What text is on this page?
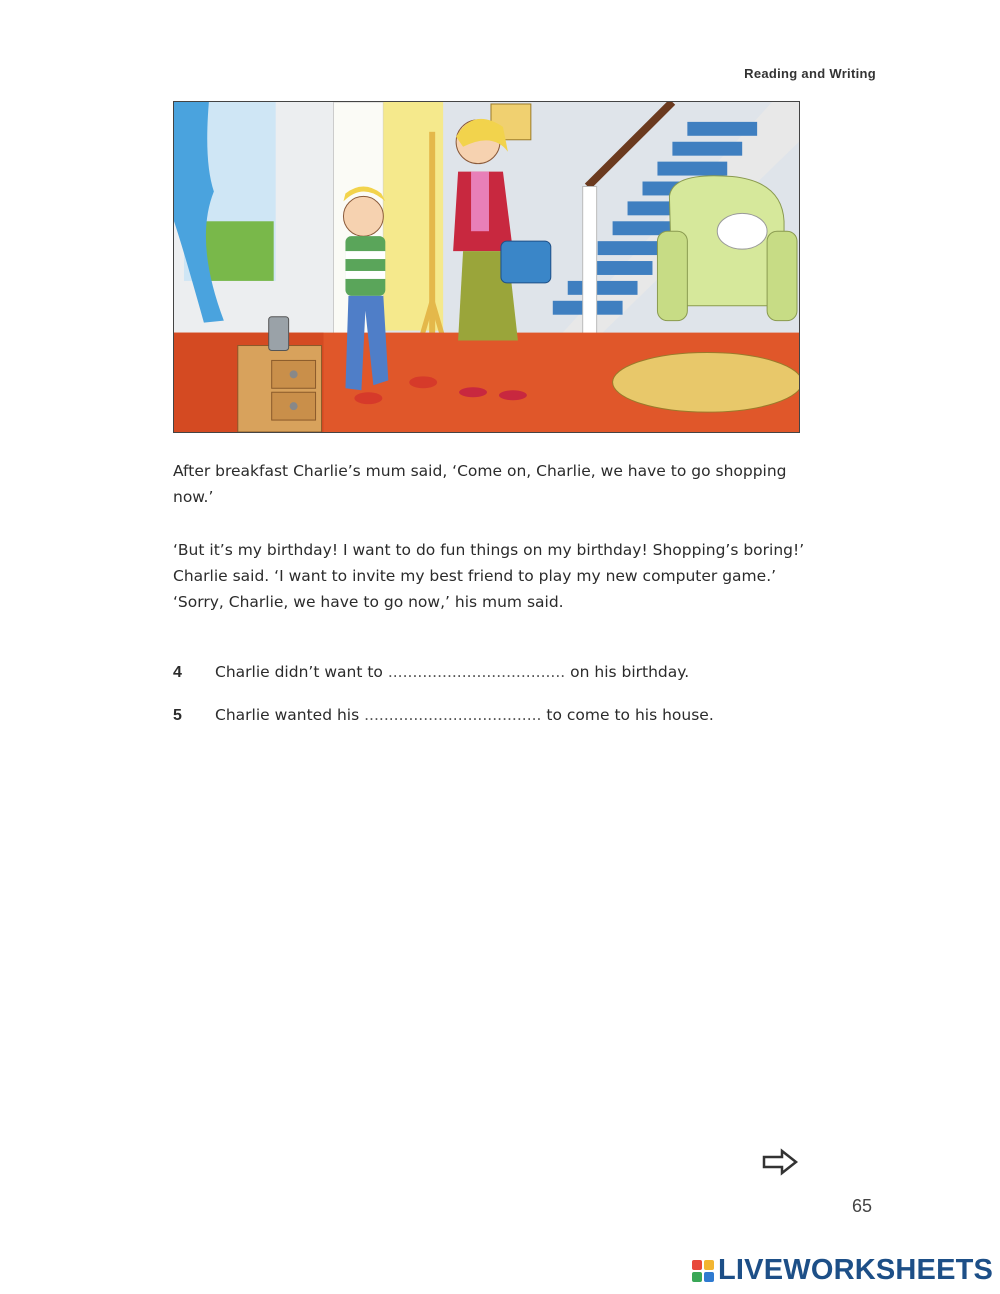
Reading and Writing
After breakfast Charlie’s mum said, ‘Come on, Charlie, we have to go shopping now.’
‘But it’s my birthday! I want to do fun things on my birthday! Shopping’s boring!’ Charlie said. ‘I want to invite my best friend to play my new computer game.’ ‘Sorry, Charlie, we have to go now,’ his mum said.
4 Charlie didn’t want to .................................... on his birthday.
5 Charlie wanted his .................................... to come to his house.
65
LIVEWORKSHEETS
